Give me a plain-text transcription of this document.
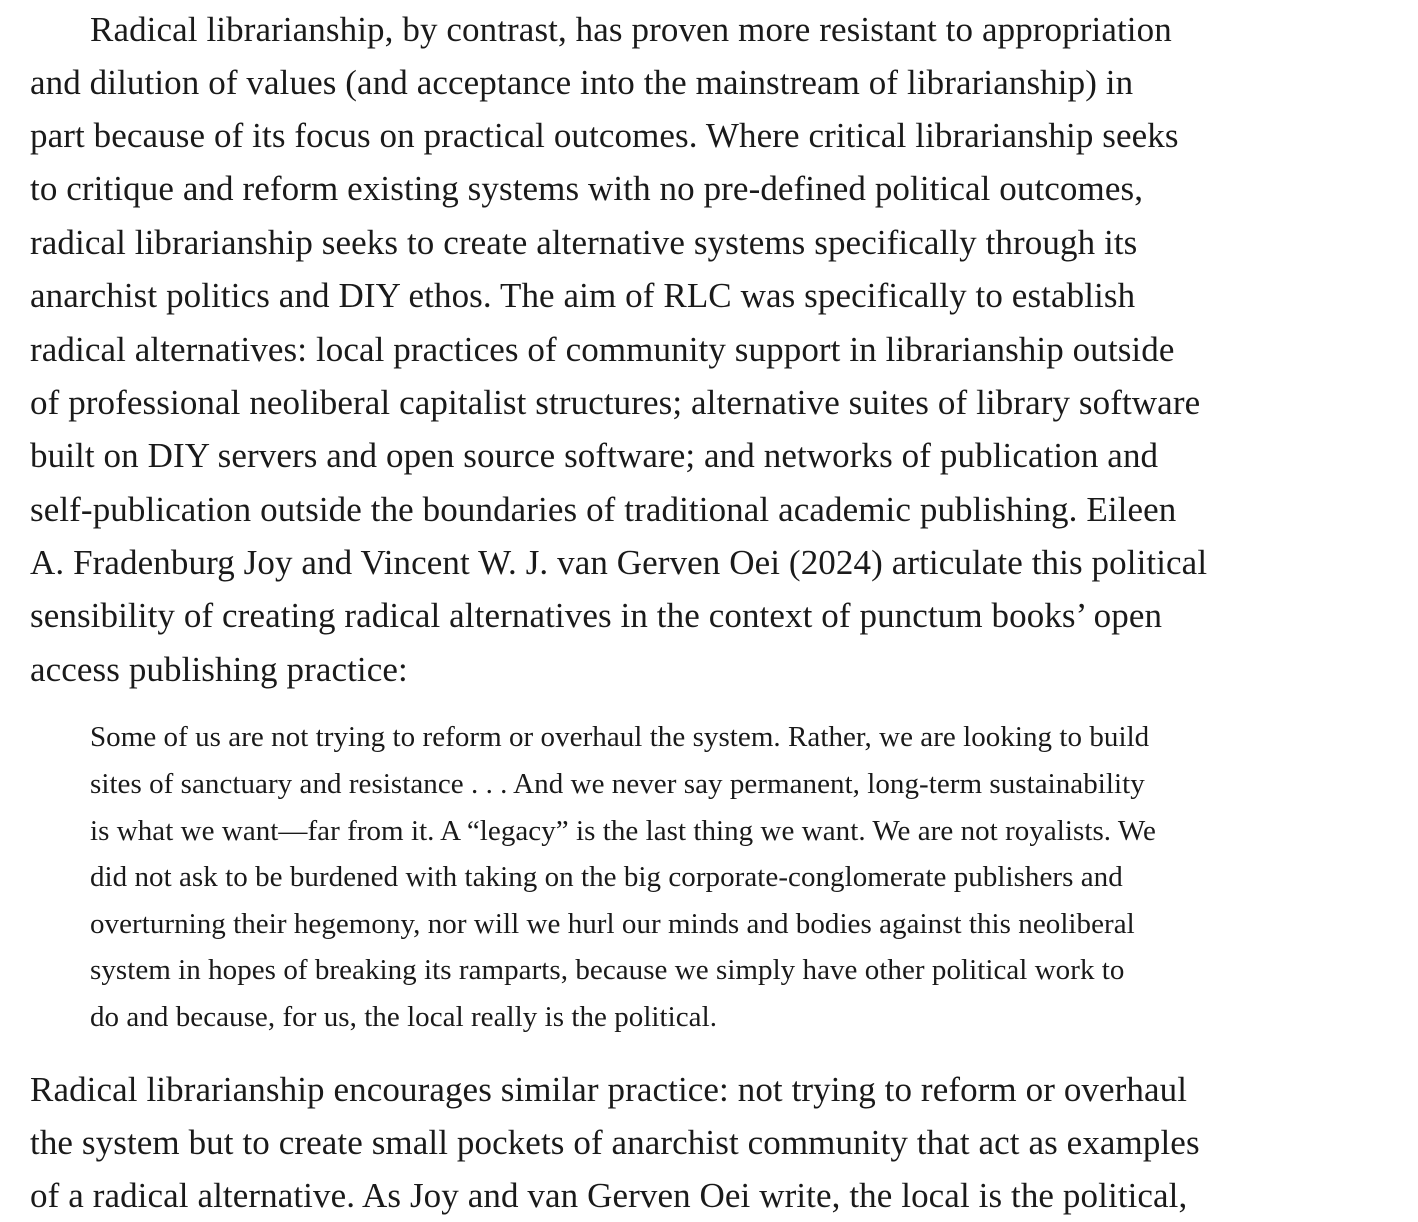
Radical librarianship, by contrast, has proven more resistant to appropriation
and dilution of values (and acceptance into the mainstream of librarianship) in
part because of its focus on practical outcomes. Where critical librarianship seeks
to critique and reform existing systems with no pre-defined political outcomes,
radical librarianship seeks to create alternative systems specifically through its
anarchist politics and DIY ethos. The aim of RLC was specifically to establish
radical alternatives: local practices of community support in librarianship outside
of professional neoliberal capitalist structures; alternative suites of library software
built on DIY servers and open source software; and networks of publication and
self-publication outside the boundaries of traditional academic publishing. Eileen
A. Fradenburg Joy and Vincent W. J. van Gerven Oei (2024) articulate this political
sensibility of creating radical alternatives in the context of punctum books’ open
access publishing practice:
Some of us are not trying to reform or overhaul the system. Rather, we are looking to build
sites of sanctuary and resistance . . . And we never say permanent, long-term sustainability
is what we want—far from it. A “legacy” is the last thing we want. We are not royalists. We
did not ask to be burdened with taking on the big corporate-conglomerate publishers and
overturning their hegemony, nor will we hurl our minds and bodies against this neoliberal
system in hopes of breaking its ramparts, because we simply have other political work to
do and because, for us, the local really is the political.
Radical librarianship encourages similar practice: not trying to reform or overhaul
the system but to create small pockets of anarchist community that act as examples
of a radical alternative. As Joy and van Gerven Oei write, the local is the political,
